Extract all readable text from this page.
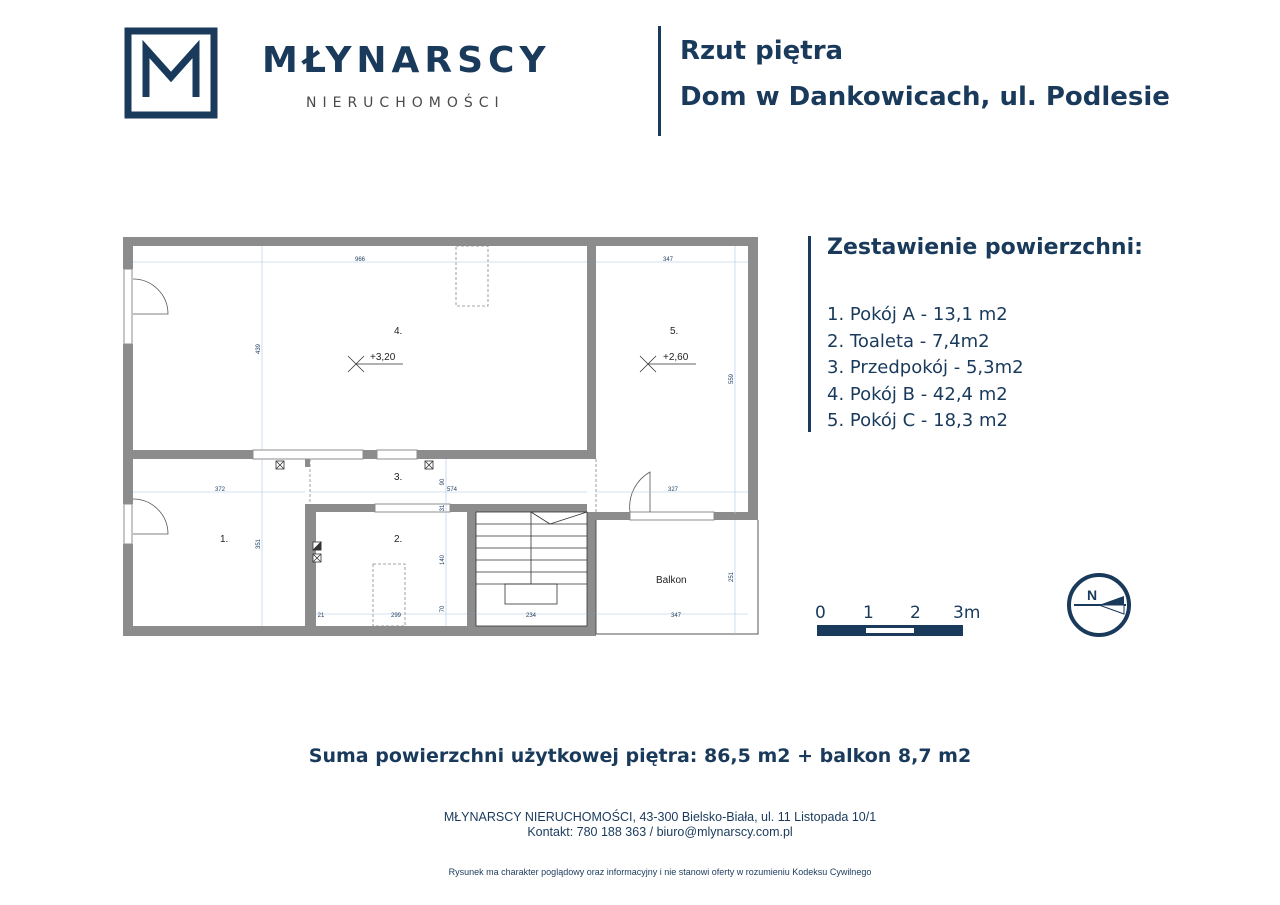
MŁYNARSCY
NIERUCHOMOŚCI
Rzut piętra
Dom w Dankowicach, ul. Podlesie
966	347
439
559
372	574	327
90
31
351
140
70
21	299	234	347
251
+3,20	+2,60
4.	5.
3.
1.	2.
Balkon
Zestawienie powierzchni:
1. Pokój A - 13,1 m2
2. Toaleta - 7,4m2
3. Przedpokój - 5,3m2
4. Pokój B - 42,4 m2
5. Pokój C - 18,3 m2
0 1 2 3m
N
Suma powierzchni użytkowej piętra: 86,5 m2 + balkon 8,7 m2
MŁYNARSCY NIERUCHOMOŚCI, 43-300 Bielsko-Biała, ul. 11 Listopada 10/1
Kontakt: 780 188 363 / biuro@mlynarscy.com.pl
Rysunek ma charakter poglądowy oraz informacyjny i nie stanowi oferty w rozumieniu Kodeksu Cywilnego
